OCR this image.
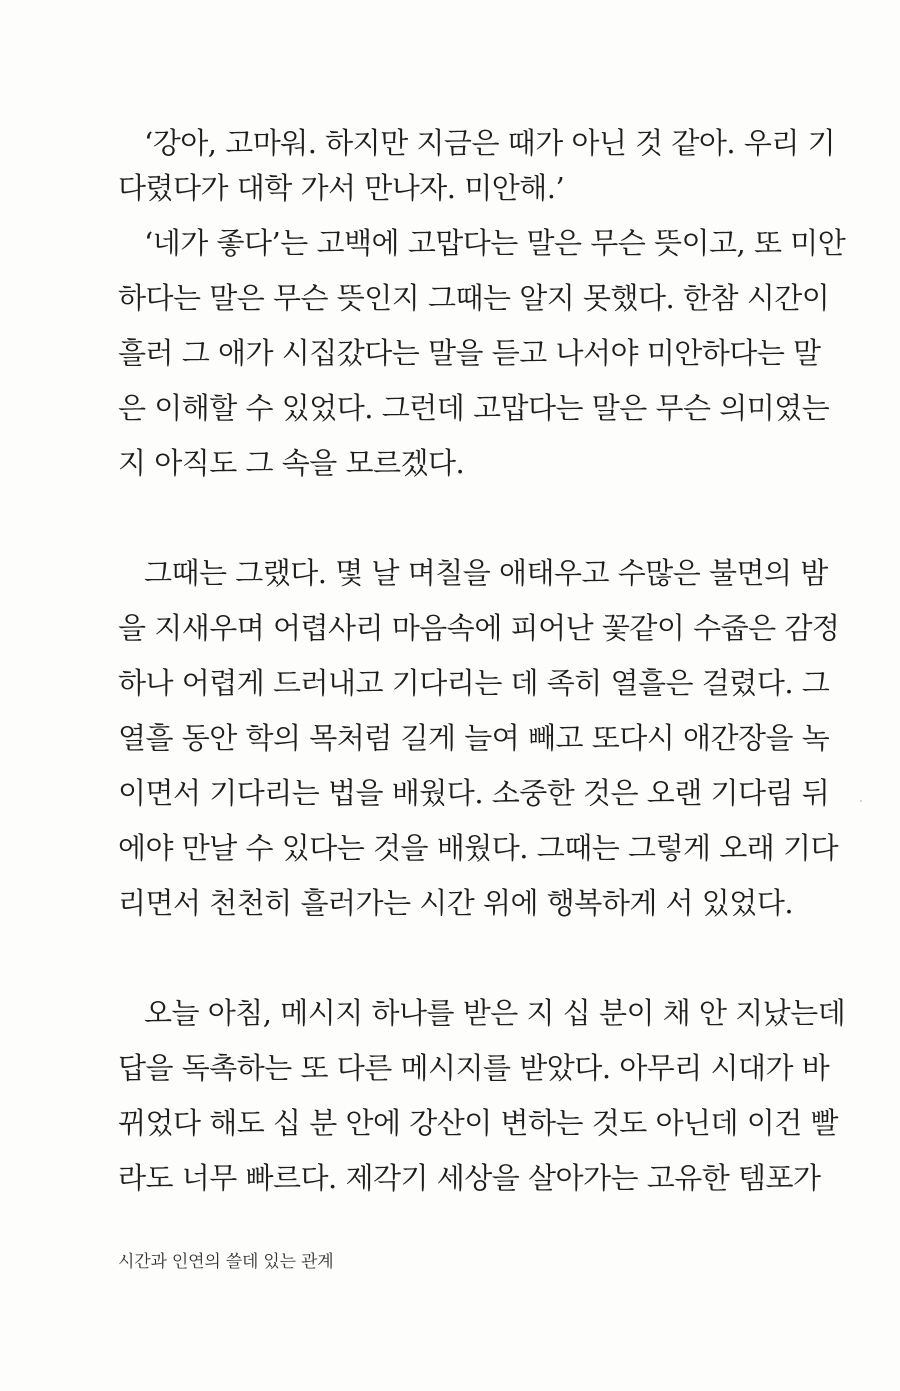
‘강아, 고마워. 하지만 지금은 때가 아닌 것 같아. 우리 기
다렸다가 대학 가서 만나자. 미안해.’
‘네가 좋다’는 고백에 고맙다는 말은 무슨 뜻이고, 또 미안
하다는 말은 무슨 뜻인지 그때는 알지 못했다. 한참 시간이
흘러 그 애가 시집갔다는 말을 듣고 나서야 미안하다는 말
은 이해할 수 있었다. 그런데 고맙다는 말은 무슨 의미였는
지 아직도 그 속을 모르겠다.
그때는 그랬다. 몇 날 며칠을 애태우고 수많은 불면의 밤
을 지새우며 어렵사리 마음속에 피어난 꽃같이 수줍은 감정
하나 어렵게 드러내고 기다리는 데 족히 열흘은 걸렸다. 그
열흘 동안 학의 목처럼 길게 늘여 빼고 또다시 애간장을 녹
이면서 기다리는 법을 배웠다. 소중한 것은 오랜 기다림 뒤
에야 만날 수 있다는 것을 배웠다. 그때는 그렇게 오래 기다
리면서 천천히 흘러가는 시간 위에 행복하게 서 있었다.
오늘 아침, 메시지 하나를 받은 지 십 분이 채 안 지났는데
답을 독촉하는 또 다른 메시지를 받았다. 아무리 시대가 바
뀌었다 해도 십 분 안에 강산이 변하는 것도 아닌데 이건 빨
라도 너무 빠르다. 제각기 세상을 살아가는 고유한 템포가
시간과 인연의 쓸데 있는 관계
